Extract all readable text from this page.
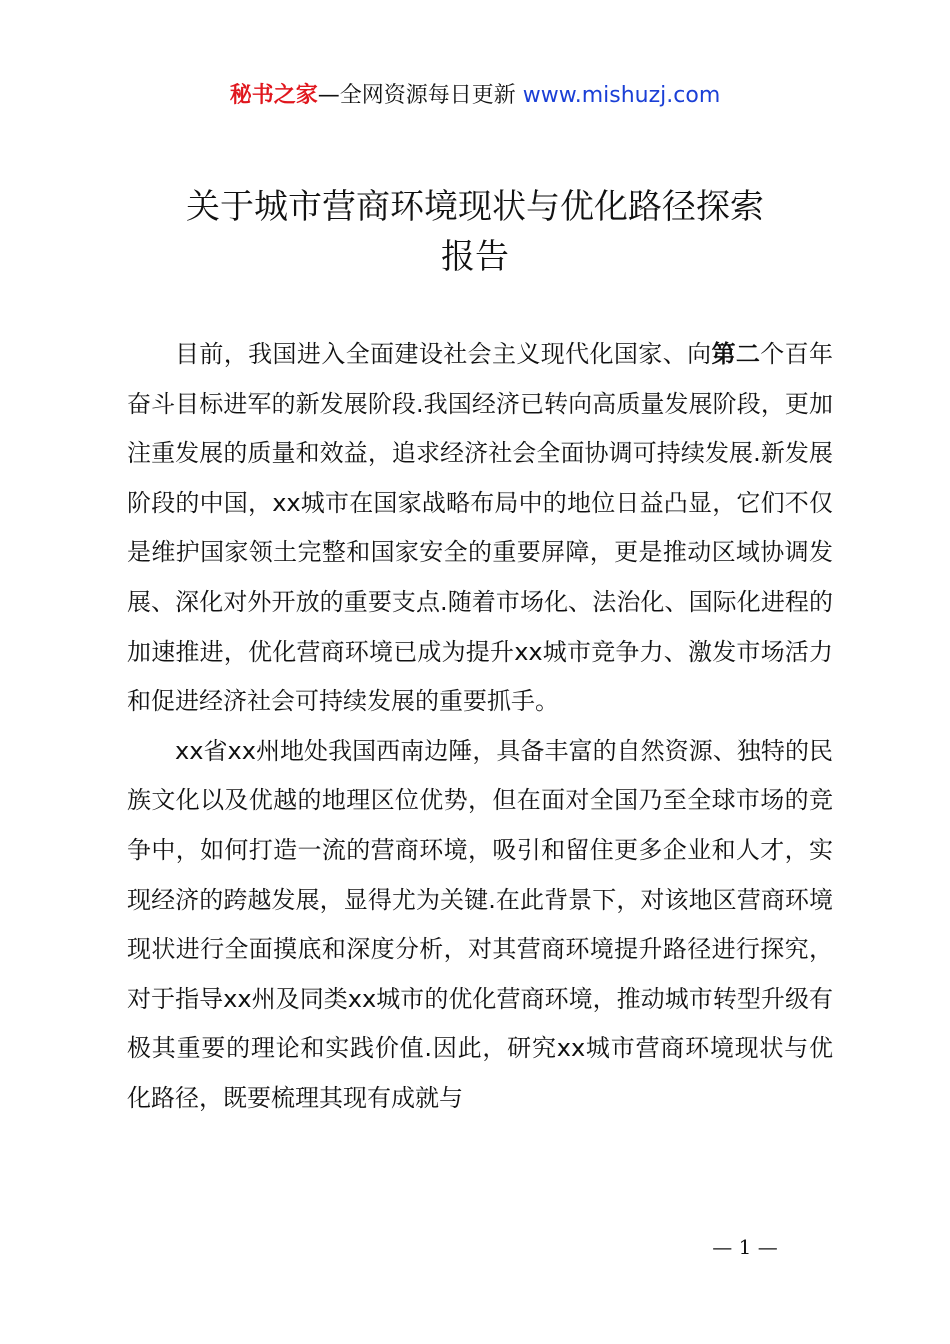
秘书之家—全网资源每日更新 www.mishuzj.com
关于城市营商环境现状与优化路径探索
报告

目前，我国进入全面建设社会主义现代化国家、向第二个百年奋斗目标进军的新发展阶段.我国经济已转向高质量发展阶段，更加注重发展的质量和效益，追求经济社会全面协调可持续发展.新发展阶段的中国，xx城市在国家战略布局中的地位日益凸显，它们不仅是维护国家领土完整和国家安全的重要屏障，更是推动区域协调发展、深化对外开放的重要支点.随着市场化、法治化、国际化进程的加速推进，优化营商环境已成为提升xx城市竞争力、激发市场活力和促进经济社会可持续发展的重要抓手。

xx省xx州地处我国西南边陲，具备丰富的自然资源、独特的民族文化以及优越的地理区位优势，但在面对全国乃至全球市场的竞争中，如何打造一流的营商环境，吸引和留住更多企业和人才，实现经济的跨越发展，显得尤为关键.在此背景下，对该地区营商环境现状进行全面摸底和深度分析，对其营商环境提升路径进行探究，对于指导xx州及同类xx城市的优化营商环境，推动城市转型升级有极其重要的理论和实践价值.因此，研究xx城市营商环境现状与优化路径，既要梳理其现有成就与

— 1 —
